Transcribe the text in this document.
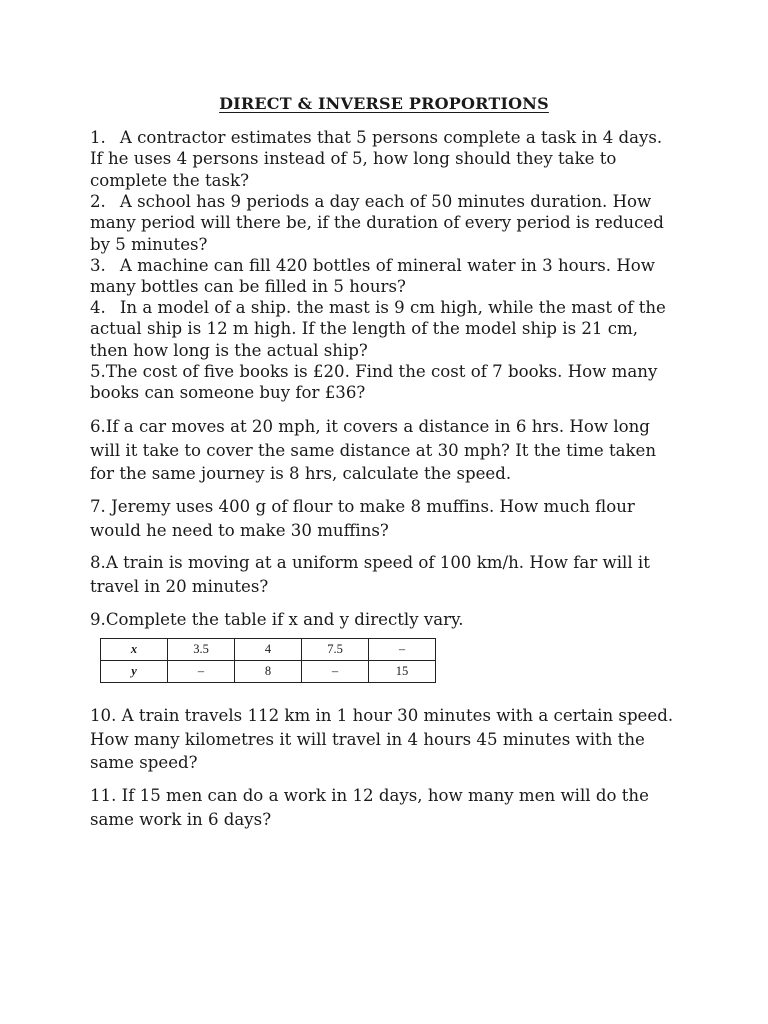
DIRECT & INVERSE PROPORTIONS
1. A contractor estimates that 5 persons complete a task in 4 days. If he uses 4 persons instead of 5, how long should they take to complete the task?
2. A school has 9 periods a day each of 50 minutes duration. How many period will there be, if the duration of every period is reduced by 5 minutes?
3. A machine can fill 420 bottles of mineral water in 3 hours. How many bottles can be filled in 5 hours?
4. In a model of a ship. the mast is 9 cm high, while the mast of the actual ship is 12 m high. If the length of the model ship is 21 cm, then how long is the actual ship?
5.The cost of five books is £20. Find the cost of 7 books. How many books can someone buy for £36?
6.If a car moves at 20 mph, it covers a distance in 6 hrs. How long will it take to cover the same distance at 30 mph? It the time taken for the same journey is 8 hrs, calculate the speed.
7. Jeremy uses 400 g of flour to make 8 muffins. How much flour would he need to make 30 muffins?
8.A train is moving at a uniform speed of 100 km/h. How far will it travel in 20 minutes?
9.Complete the table if x and y directly vary.
x	3.5	4	7.5	–
y	–	8	–	15
10. A train travels 112 km in 1 hour 30 minutes with a certain speed. How many kilometres it will travel in 4 hours 45 minutes with the same speed?
11. If 15 men can do a work in 12 days, how many men will do the same work in 6 days?
